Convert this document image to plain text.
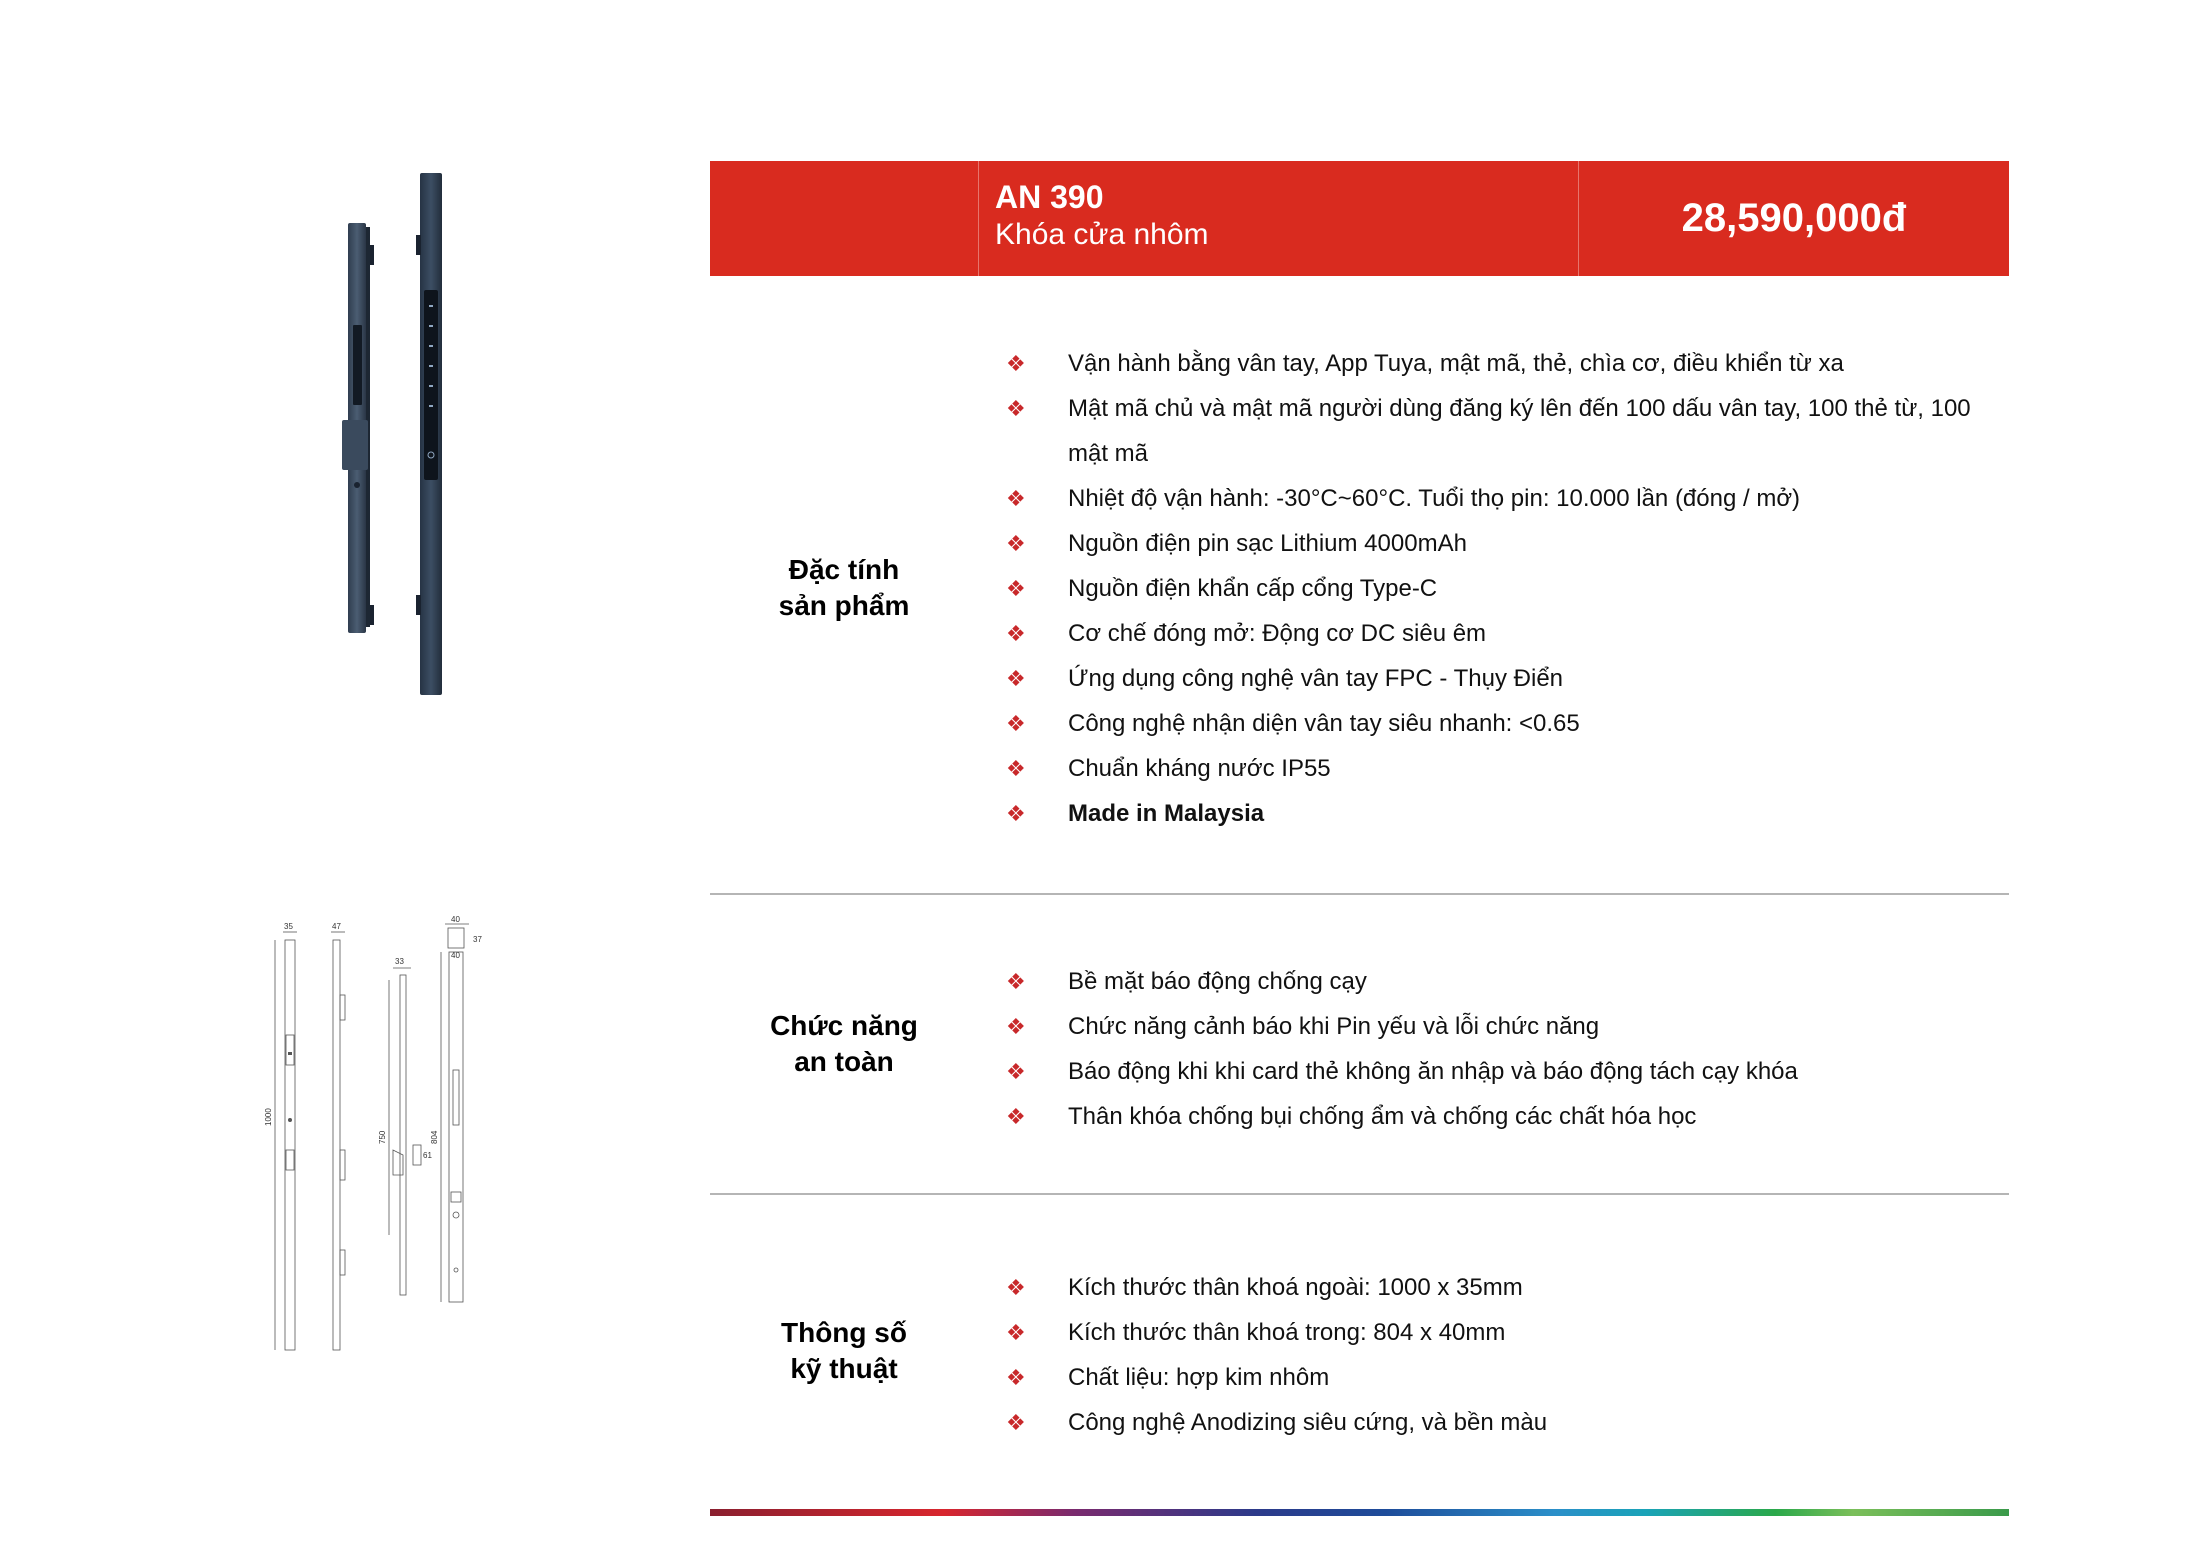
35	47
40
37
33
40
1000
750	804
61
AN 390
Khóa cửa nhôm	28,590,000đ
Đặc tính
sản phẩm
❖ Vận hành bằng vân tay, App Tuya, mật mã, thẻ, chìa cơ, điều khiển từ xa
❖ Mật mã chủ và mật mã người dùng đăng ký lên đến 100 dấu vân tay, 100 thẻ từ, 100 mật mã
❖ Nhiệt độ vận hành: -30°C~60°C. Tuổi thọ pin: 10.000 lần (đóng / mở)
❖ Nguồn điện pin sạc Lithium 4000mAh
❖ Nguồn điện khẩn cấp cổng Type-C
❖ Cơ chế đóng mở: Động cơ DC siêu êm
❖ Ứng dụng công nghệ vân tay FPC - Thụy Điển
❖ Công nghệ nhận diện vân tay siêu nhanh: <0.65
❖ Chuẩn kháng nước IP55
❖ Made in Malaysia
Chức năng
an toàn
❖ Bề mặt báo động chống cạy
❖ Chức năng cảnh báo khi Pin yếu và lỗi chức năng
❖ Báo động khi khi card thẻ không ăn nhập và báo động tách cạy khóa
❖ Thân khóa chống bụi chống ẩm và chống các chất hóa học
Thông số
kỹ thuật
❖ Kích thước thân khoá ngoài: 1000 x 35mm
❖ Kích thước thân khoá trong: 804 x 40mm
❖ Chất liệu: hợp kim nhôm
❖ Công nghệ Anodizing siêu cứng, và bền màu
